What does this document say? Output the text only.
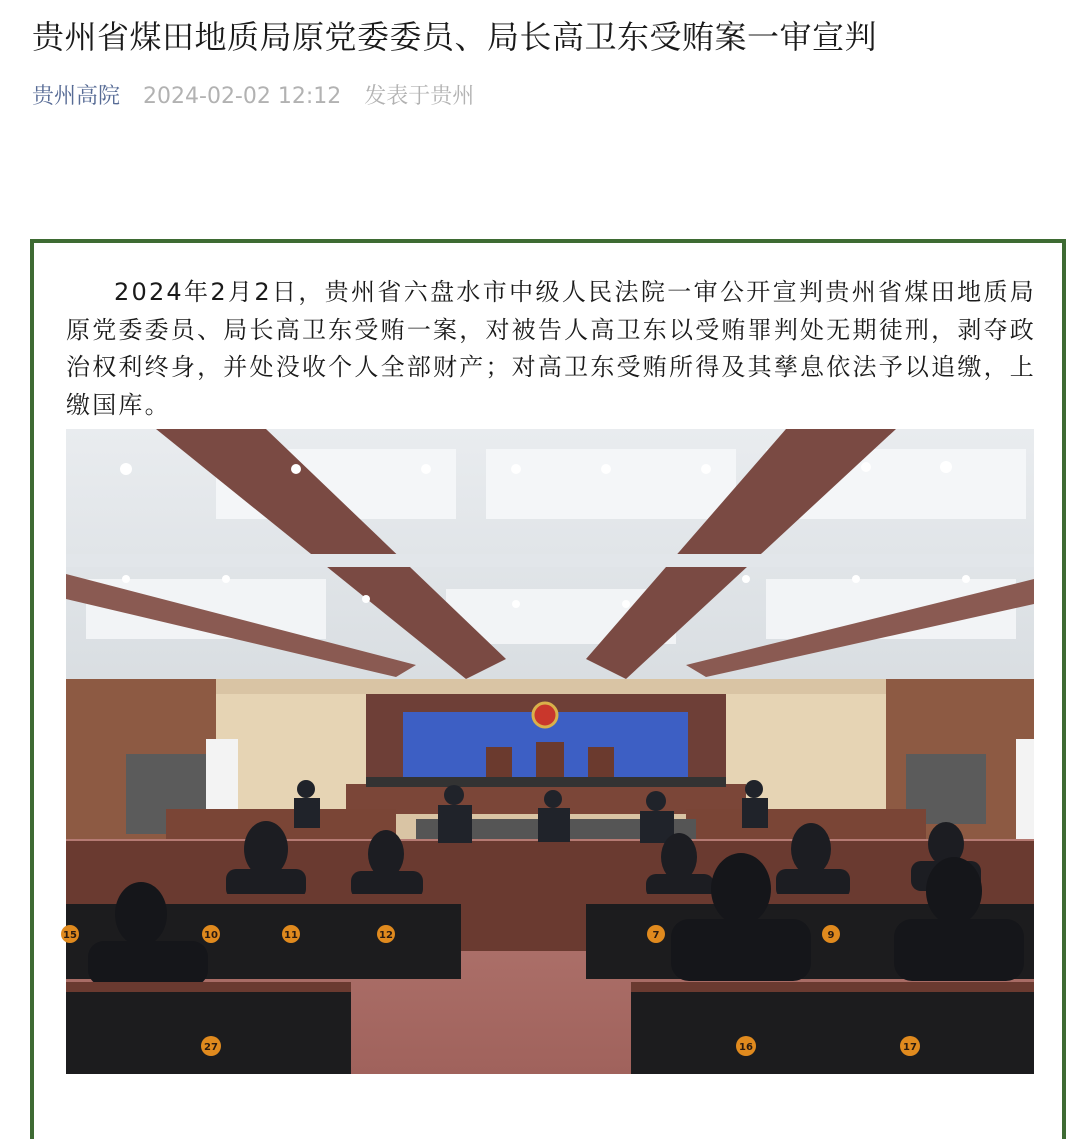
贵州省煤田地质局原党委委员、局长高卫东受贿案一审宣判
贵州高院 2024-02-02 12:12 发表于贵州
2024年2月2日，贵州省六盘水市中级人民法院一审公开宣判贵州省煤田地质局原党委委员、局长高卫东受贿一案，对被告人高卫东以受贿罪判处无期徒刑，剥夺政治权利终身，并处没收个人全部财产；对高卫东受贿所得及其孳息依法予以追缴，上缴国库。
15	10	11	12	7	9
27	16	17
